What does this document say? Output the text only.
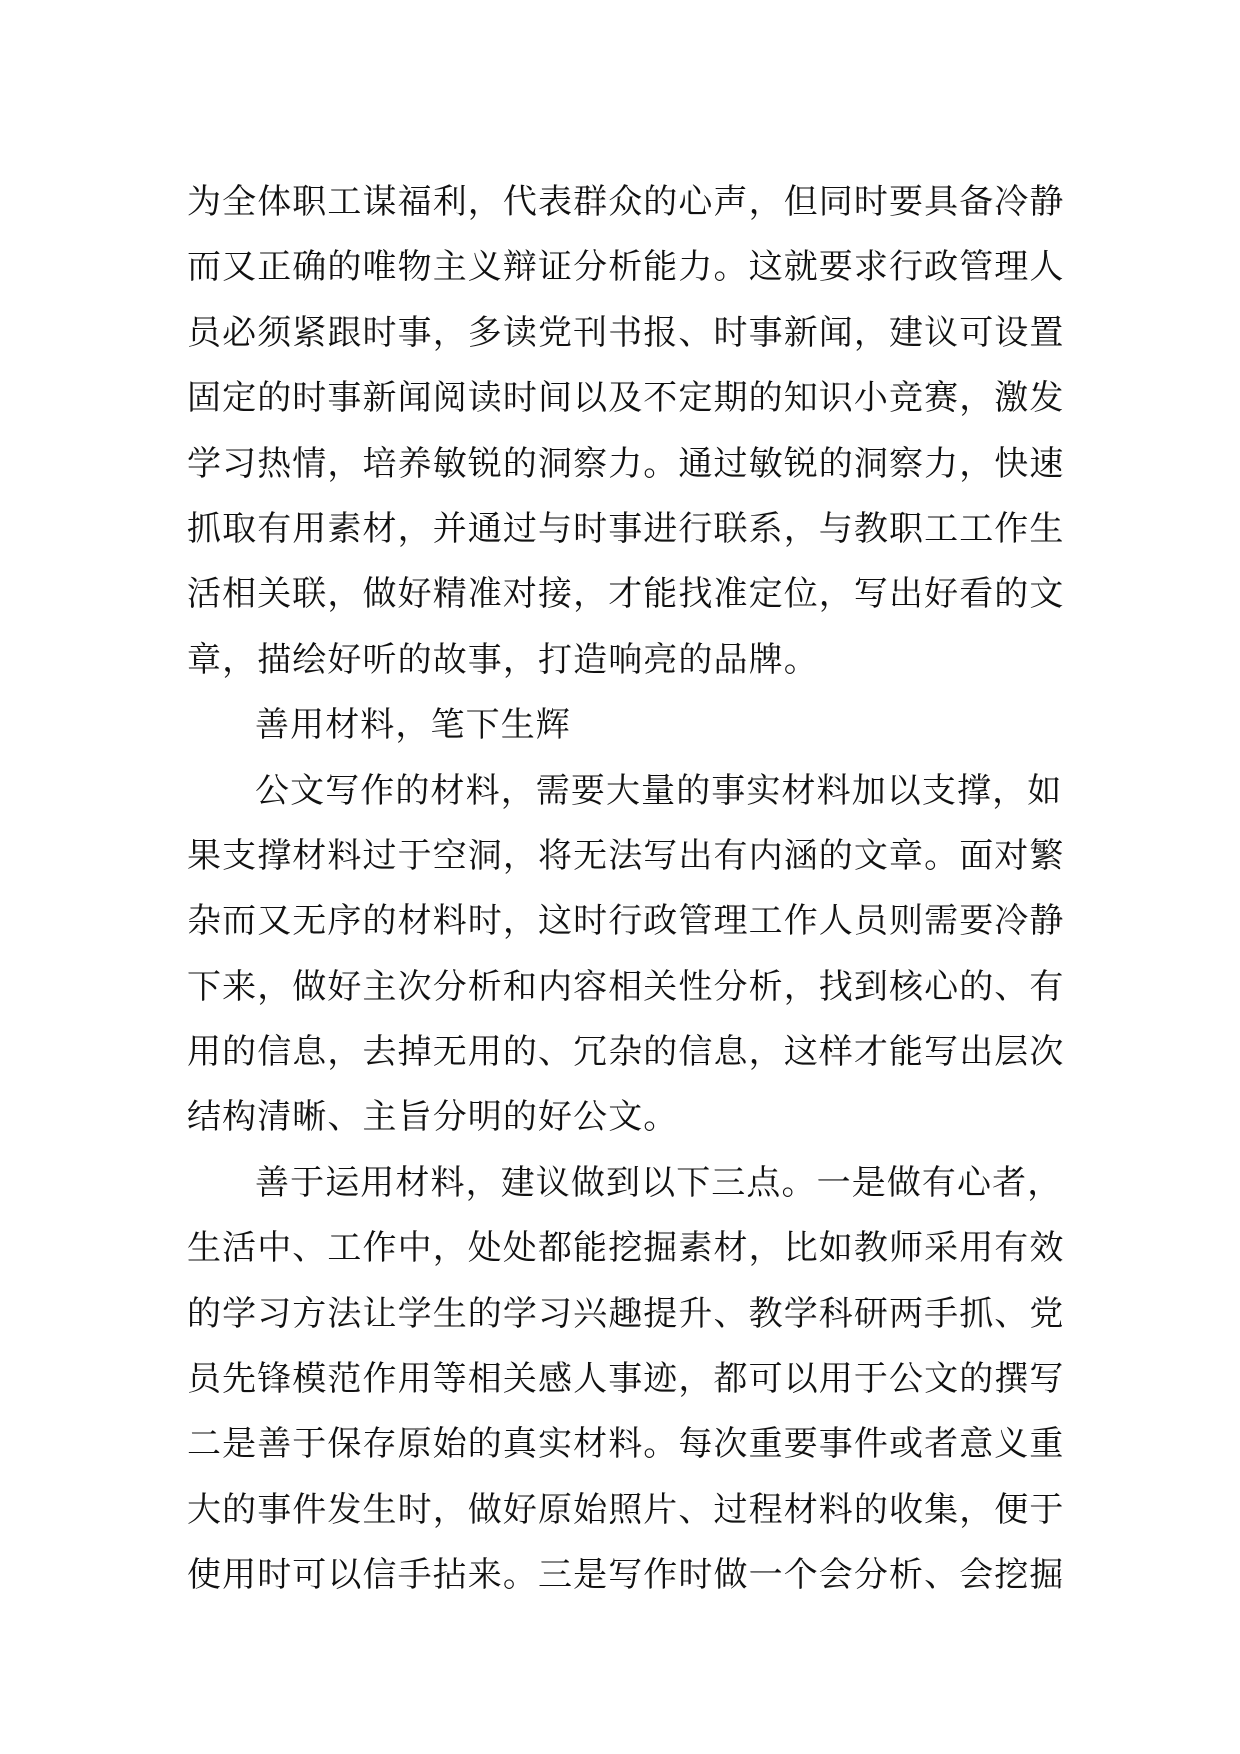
为全体职工谋福利，代表群众的心声，但同时要具备冷静
而又正确的唯物主义辩证分析能力。这就要求行政管理人
员必须紧跟时事，多读党刊书报、时事新闻，建议可设置
固定的时事新闻阅读时间以及不定期的知识小竞赛，激发
学习热情，培养敏锐的洞察力。通过敏锐的洞察力，快速
抓取有用素材，并通过与时事进行联系，与教职工工作生
活相关联，做好精准对接，才能找准定位，写出好看的文
章，描绘好听的故事，打造响亮的品牌。
善用材料，笔下生辉
公文写作的材料，需要大量的事实材料加以支撑，如
果支撑材料过于空洞，将无法写出有内涵的文章。面对繁
杂而又无序的材料时，这时行政管理工作人员则需要冷静
下来，做好主次分析和内容相关性分析，找到核心的、有
用的信息，去掉无用的、冗杂的信息，这样才能写出层次
结构清晰、主旨分明的好公文。
善于运用材料，建议做到以下三点。一是做有心者，
生活中、工作中，处处都能挖掘素材，比如教师采用有效
的学习方法让学生的学习兴趣提升、教学科研两手抓、党
员先锋模范作用等相关感人事迹，都可以用于公文的撰写
二是善于保存原始的真实材料。每次重要事件或者意义重
大的事件发生时，做好原始照片、过程材料的收集，便于
使用时可以信手拈来。三是写作时做一个会分析、会挖掘
